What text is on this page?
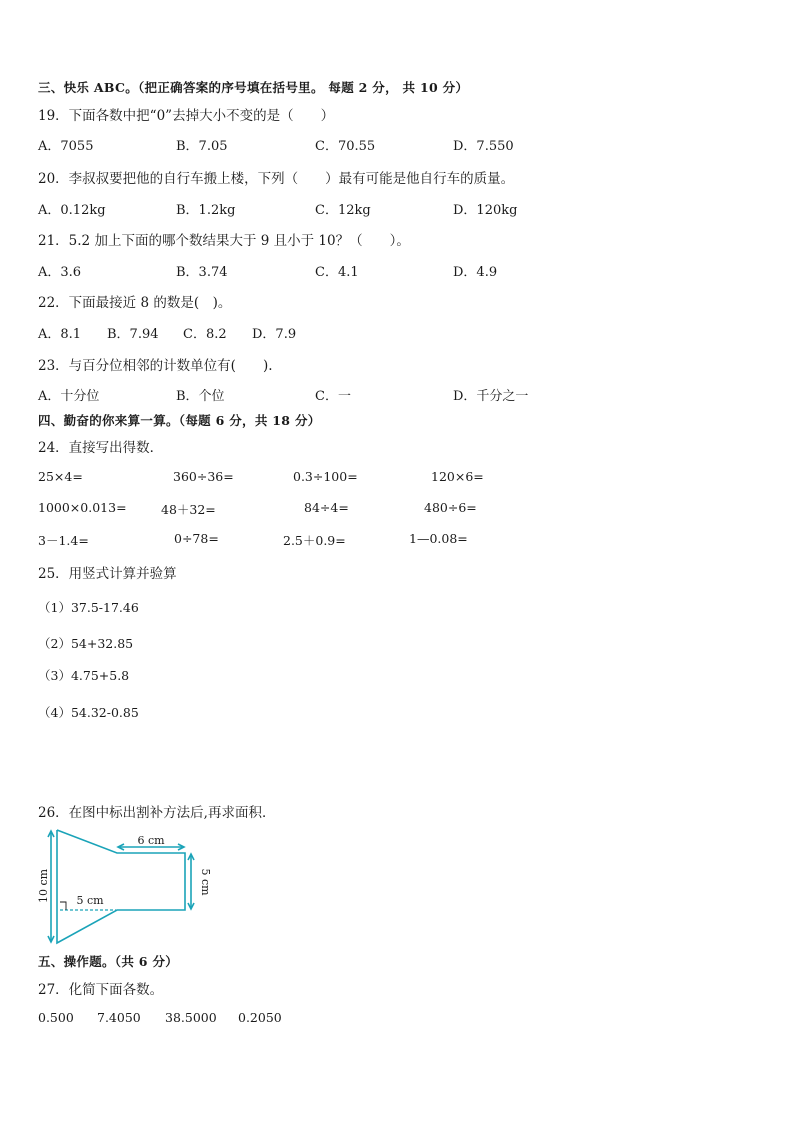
三、快乐 ABC。（把正确答案的序号填在括号里。 每题 2 分， 共 10 分）
19．下面各数中把“0”去掉大小不变的是（　　）
A．7055	B．7.05	C．70.55	D．7.550
20．李叔叔要把他的自行车搬上楼，下列（　　）最有可能是他自行车的质量。
A．0.12kg	B．1.2kg	C．12kg	D．120kg
21．5.2 加上下面的哪个数结果大于 9 且小于 10？（　　）。
A．3.6	B．3.74	C．4.1	D．4.9
22．下面最接近 8 的数是(　)。
A．8.1 B．7.94 C．8.2 D．7.9
23．与百分位相邻的计数单位有(　　).
A．十分位	B．个位	C．一	D．千分之一
四、勤奋的你来算一算。（每题 6 分，共 18 分）
24．直接写出得数．
25×4=	360÷36=	0.3÷100=	120×6=
1000×0.013=	48＋32=	84÷4=	480÷6=
3－1.4=	0÷78=	2.5＋0.9=	1—0.08=
25．用竖式计算并验算
（1）37.5-17.46
（2）54+32.85
（3）4.75+5.8
（4）54.32-0.85
26．在图中标出割补方法后,再求面积．
6 cm
5 cm
5 cm
10 cm
五、操作题。（共 6 分）
27．化简下面各数。
0.500 7.4050 38.5000 0.2050
